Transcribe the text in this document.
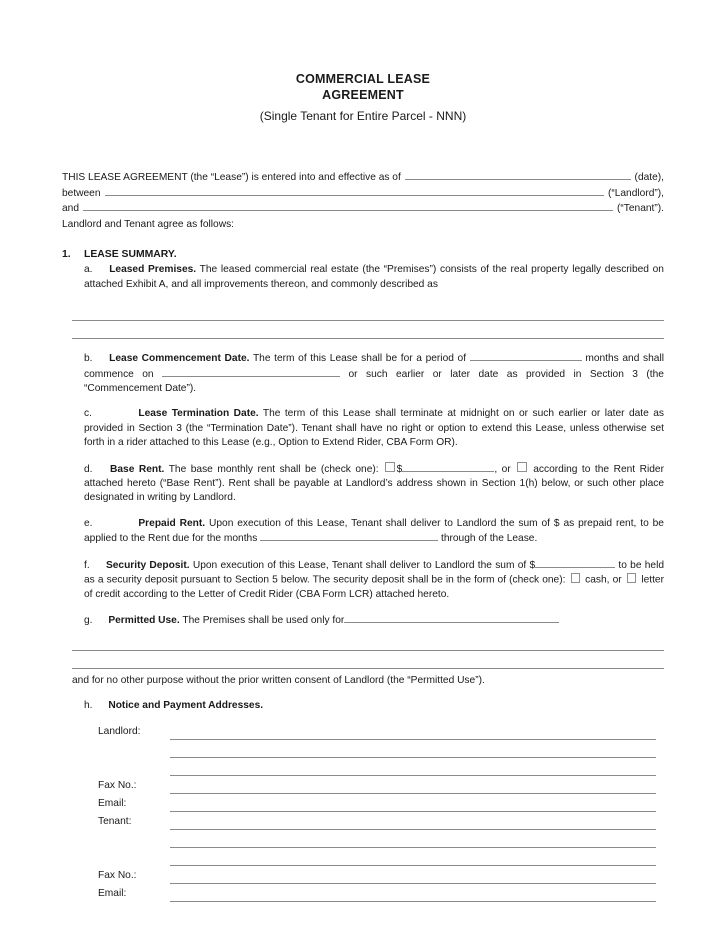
COMMERCIAL LEASE
AGREEMENT
(Single Tenant for Entire Parcel - NNN)
THIS LEASE AGREEMENT (the “Lease”) is entered into and effective as of	(date),
between	(“Landlord”),
and	(“Tenant”).
Landlord and Tenant agree as follows:
1. LEASE SUMMARY.

a. Leased Premises. The leased commercial real estate (the “Premises”) consists of the real property legally described on attached Exhibit A, and all improvements thereon, and commonly described as

b. Lease Commencement Date. The term of this Lease shall be for a period of	months and shall commence on	or such earlier or later date as provided in Section 3 (the “Commencement Date”).

c.	Lease Termination Date. The term of this Lease shall terminate at midnight on or such earlier or later date as provided in Section 3 (the “Termination Date”). Tenant shall have no right or option to extend this Lease, unless otherwise set forth in a rider attached to this Lease (e.g., Option to Extend Rider, CBA Form OR).

d. Base Rent. The base monthly rent shall be (check one): $	, or according to the Rent Rider attached hereto (“Base Rent”). Rent shall be payable at Landlord’s address shown in Section 1(h) below, or such other place designated in writing by Landlord.

e.	Prepaid Rent. Upon execution of this Lease, Tenant shall deliver to Landlord the sum of $ as prepaid rent, to be applied to the Rent due for the months	through of the Lease.

f. Security Deposit. Upon execution of this Lease, Tenant shall deliver to Landlord the sum of $	to be held as a security deposit pursuant to Section 5 below. The security deposit shall be in the form of (check one): cash, or letter of credit according to the Letter of Credit Rider (CBA Form LCR) attached hereto.

g. Permitted Use. The Premises shall be used only for

and for no other purpose without the prior written consent of Landlord (the “Permitted Use”).

h. Notice and Payment Addresses.

Landlord:
Fax No.:
Email:
Tenant:
Fax No.:
Email:
